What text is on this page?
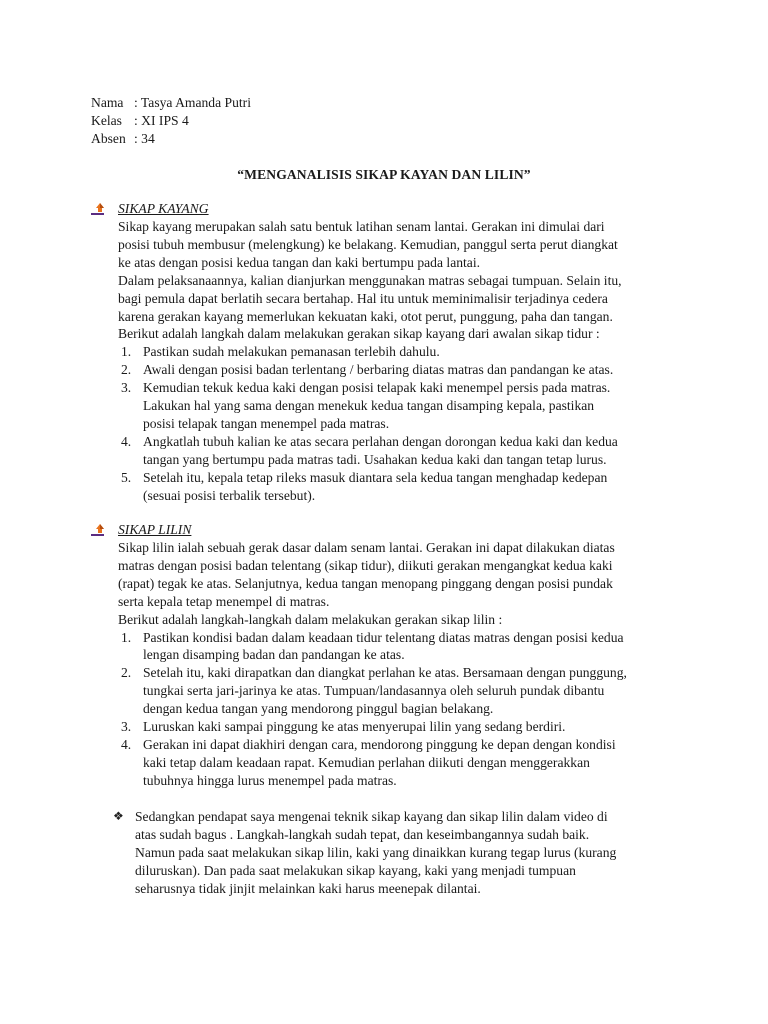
Nama : Tasya Amanda Putri
Kelas : XI IPS 4
Absen : 34
“MENGANALISIS SIKAP KAYAN DAN LILIN”
SIKAP KAYANG
Sikap kayang merupakan salah satu bentuk latihan senam lantai. Gerakan ini dimulai dari
posisi tubuh membusur (melengkung) ke belakang. Kemudian, panggul serta perut diangkat
ke atas dengan posisi kedua tangan dan kaki bertumpu pada lantai.
Dalam pelaksanaannya, kalian dianjurkan menggunakan matras sebagai tumpuan. Selain itu,
bagi pemula dapat berlatih secara bertahap. Hal itu untuk meminimalisir terjadinya cedera
karena gerakan kayang memerlukan kekuatan kaki, otot perut, punggung, paha dan tangan.
Berikut adalah langkah dalam melakukan gerakan sikap kayang dari awalan sikap tidur :
1. Pastikan sudah melakukan pemanasan terlebih dahulu.
2. Awali dengan posisi badan terlentang / berbaring diatas matras dan pandangan ke atas.
3. Kemudian tekuk kedua kaki dengan posisi telapak kaki menempel persis pada matras.
Lakukan hal yang sama dengan menekuk kedua tangan disamping kepala, pastikan
posisi telapak tangan menempel pada matras.
4. Angkatlah tubuh kalian ke atas secara perlahan dengan dorongan kedua kaki dan kedua
tangan yang bertumpu pada matras tadi. Usahakan kedua kaki dan tangan tetap lurus.
5. Setelah itu, kepala tetap rileks masuk diantara sela kedua tangan menghadap kedepan
(sesuai posisi terbalik tersebut).
SIKAP LILIN
Sikap lilin ialah sebuah gerak dasar dalam senam lantai. Gerakan ini dapat dilakukan diatas
matras dengan posisi badan telentang (sikap tidur), diikuti gerakan mengangkat kedua kaki
(rapat) tegak ke atas. Selanjutnya, kedua tangan menopang pinggang dengan posisi pundak
serta kepala tetap menempel di matras.
Berikut adalah langkah-langkah dalam melakukan gerakan sikap lilin :
1. Pastikan kondisi badan dalam keadaan tidur telentang diatas matras dengan posisi kedua
lengan disamping badan dan pandangan ke atas.
2. Setelah itu, kaki dirapatkan dan diangkat perlahan ke atas. Bersamaan dengan punggung,
tungkai serta jari-jarinya ke atas. Tumpuan/landasannya oleh seluruh pundak dibantu
dengan kedua tangan yang mendorong pinggul bagian belakang.
3. Luruskan kaki sampai pinggung ke atas menyerupai lilin yang sedang berdiri.
4. Gerakan ini dapat diakhiri dengan cara, mendorong pinggung ke depan dengan kondisi
kaki tetap dalam keadaan rapat. Kemudian perlahan diikuti dengan menggerakkan
tubuhnya hingga lurus menempel pada matras.
❖ Sedangkan pendapat saya mengenai teknik sikap kayang dan sikap lilin dalam video di
atas sudah bagus . Langkah-langkah sudah tepat, dan keseimbangannya sudah baik.
Namun pada saat melakukan sikap lilin, kaki yang dinaikkan kurang tegap lurus (kurang
diluruskan). Dan pada saat melakukan sikap kayang, kaki yang menjadi tumpuan
seharusnya tidak jinjit melainkan kaki harus meenepak dilantai.
